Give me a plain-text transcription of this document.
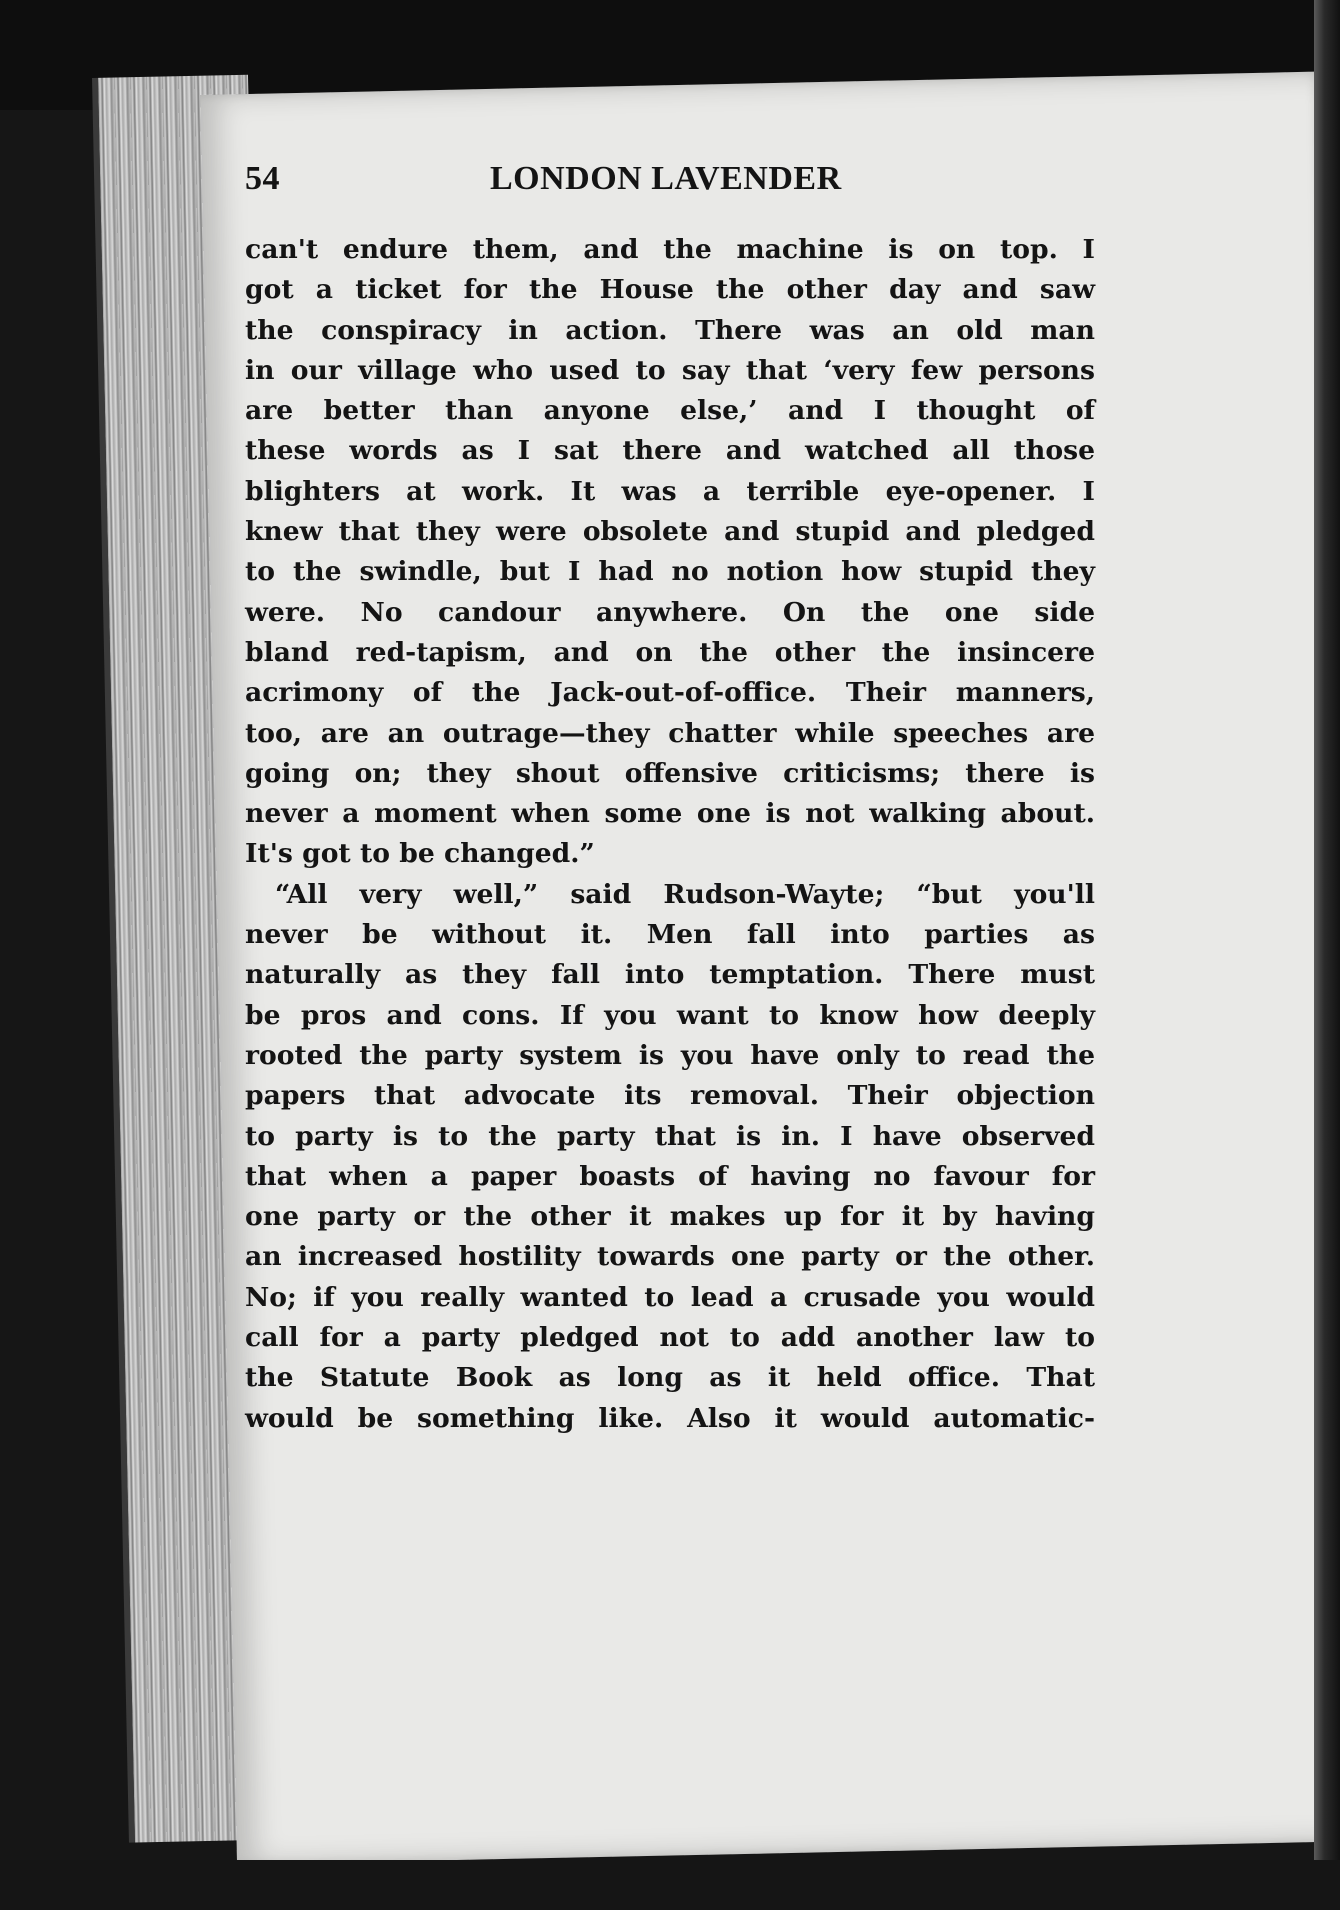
54	LONDON LAVENDER
can't endure them, and the machine is on top. I
got a ticket for the House the other day and saw
the conspiracy in action. There was an old man
in our village who used to say that ‘very few persons
are better than anyone else,’ and I thought of
these words as I sat there and watched all those
blighters at work. It was a terrible eye-opener. I
knew that they were obsolete and stupid and pledged
to the swindle, but I had no notion how stupid they
were. No candour anywhere. On the one side
bland red-tapism, and on the other the insincere
acrimony of the Jack-out-of-office. Their manners,
too, are an outrage—they chatter while speeches are
going on; they shout offensive criticisms; there is
never a moment when some one is not walking about.
It's got to be changed.”
“All very well,” said Rudson-Wayte; “but you'll
never be without it. Men fall into parties as
naturally as they fall into temptation. There must
be pros and cons. If you want to know how deeply
rooted the party system is you have only to read the
papers that advocate its removal. Their objection
to party is to the party that is in. I have observed
that when a paper boasts of having no favour for
one party or the other it makes up for it by having
an increased hostility towards one party or the other.
No; if you really wanted to lead a crusade you would
call for a party pledged not to add another law to
the Statute Book as long as it held office. That
would be something like. Also it would automatic-
